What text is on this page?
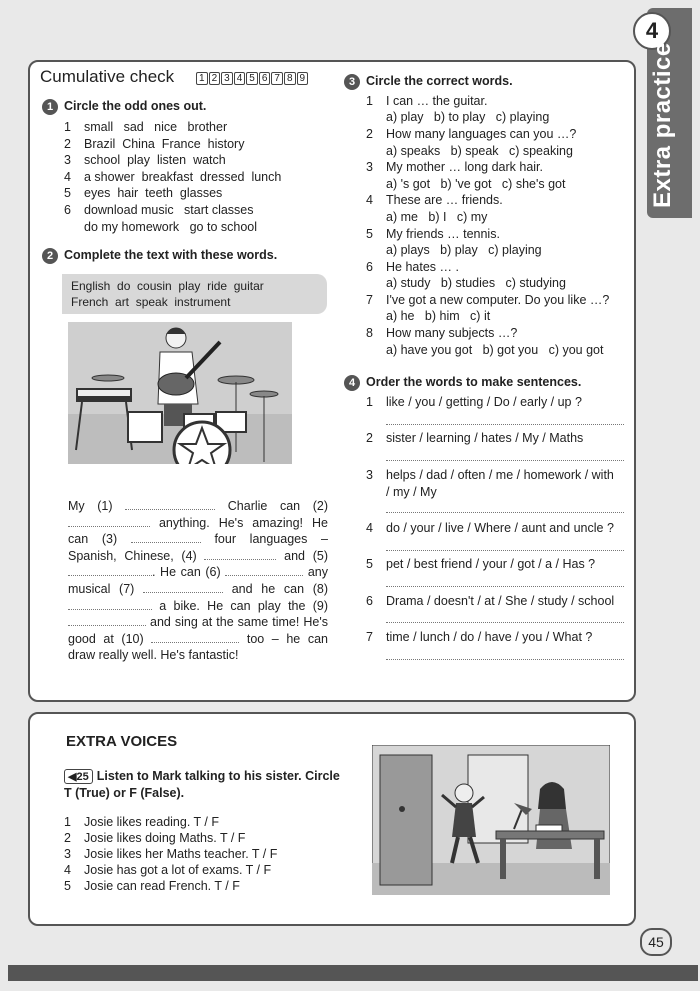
4
Extra practice
Cumulative check	1 2 3 4 5 6 7 8 9
1 Circle the odd ones out.
1 small   sad   nice   brother
2 Brazil  China  France  history
3 school  play  listen  watch
4 a shower  breakfast  dressed  lunch
5 eyes  hair  teeth  glasses
6 download music   start classes
do my homework   go to school
2 Complete the text with these words.
English  do  cousin  play  ride  guitar
French  art  speak  instrument
My (1)	Charlie can (2)  anything. He's amazing! He can (3)	four languages – Spanish, Chinese, (4)	and (5) . He can (6)	any musical (7)	and he can (8)  a bike. He can play the (9)  and sing at the same time! He's good at (10)	too – he can draw really well. He's fantastic!
3 Circle the correct words.
1 I can … the guitar.
a) play   b) to play   c) playing
2 How many languages can you …?
a) speaks   b) speak   c) speaking
3 My mother … long dark hair.
a) 's got   b) 've got   c) she's got
4 These are … friends.
a) me   b) I   c) my
5 My friends … tennis.
a) plays   b) play   c) playing
6 He hates … .
a) study   b) studies   c) studying
7 I've got a new computer. Do you like …?
a) he   b) him   c) it
8 How many subjects …?
a) have you got   b) got you   c) you got
4 Order the words to make sentences.
1 like / you / getting / Do / early / up ?
2 sister / learning / hates / My / Maths
3 helps / dad / often / me / homework / with
/ my / My
4 do / your / live / Where / aunt and uncle ?
5 pet / best friend / your / got / a / Has ?
6 Drama / doesn't / at / She / study / school
7 time / lunch / do / have / you / What ?
EXTRA VOICES
◀25 Listen to Mark talking to his sister. Circle
T (True) or F (False).
1 Josie likes reading. T / F
2 Josie likes doing Maths. T / F
3 Josie likes her Maths teacher. T / F
4 Josie has got a lot of exams. T / F
5 Josie can read French. T / F
45
